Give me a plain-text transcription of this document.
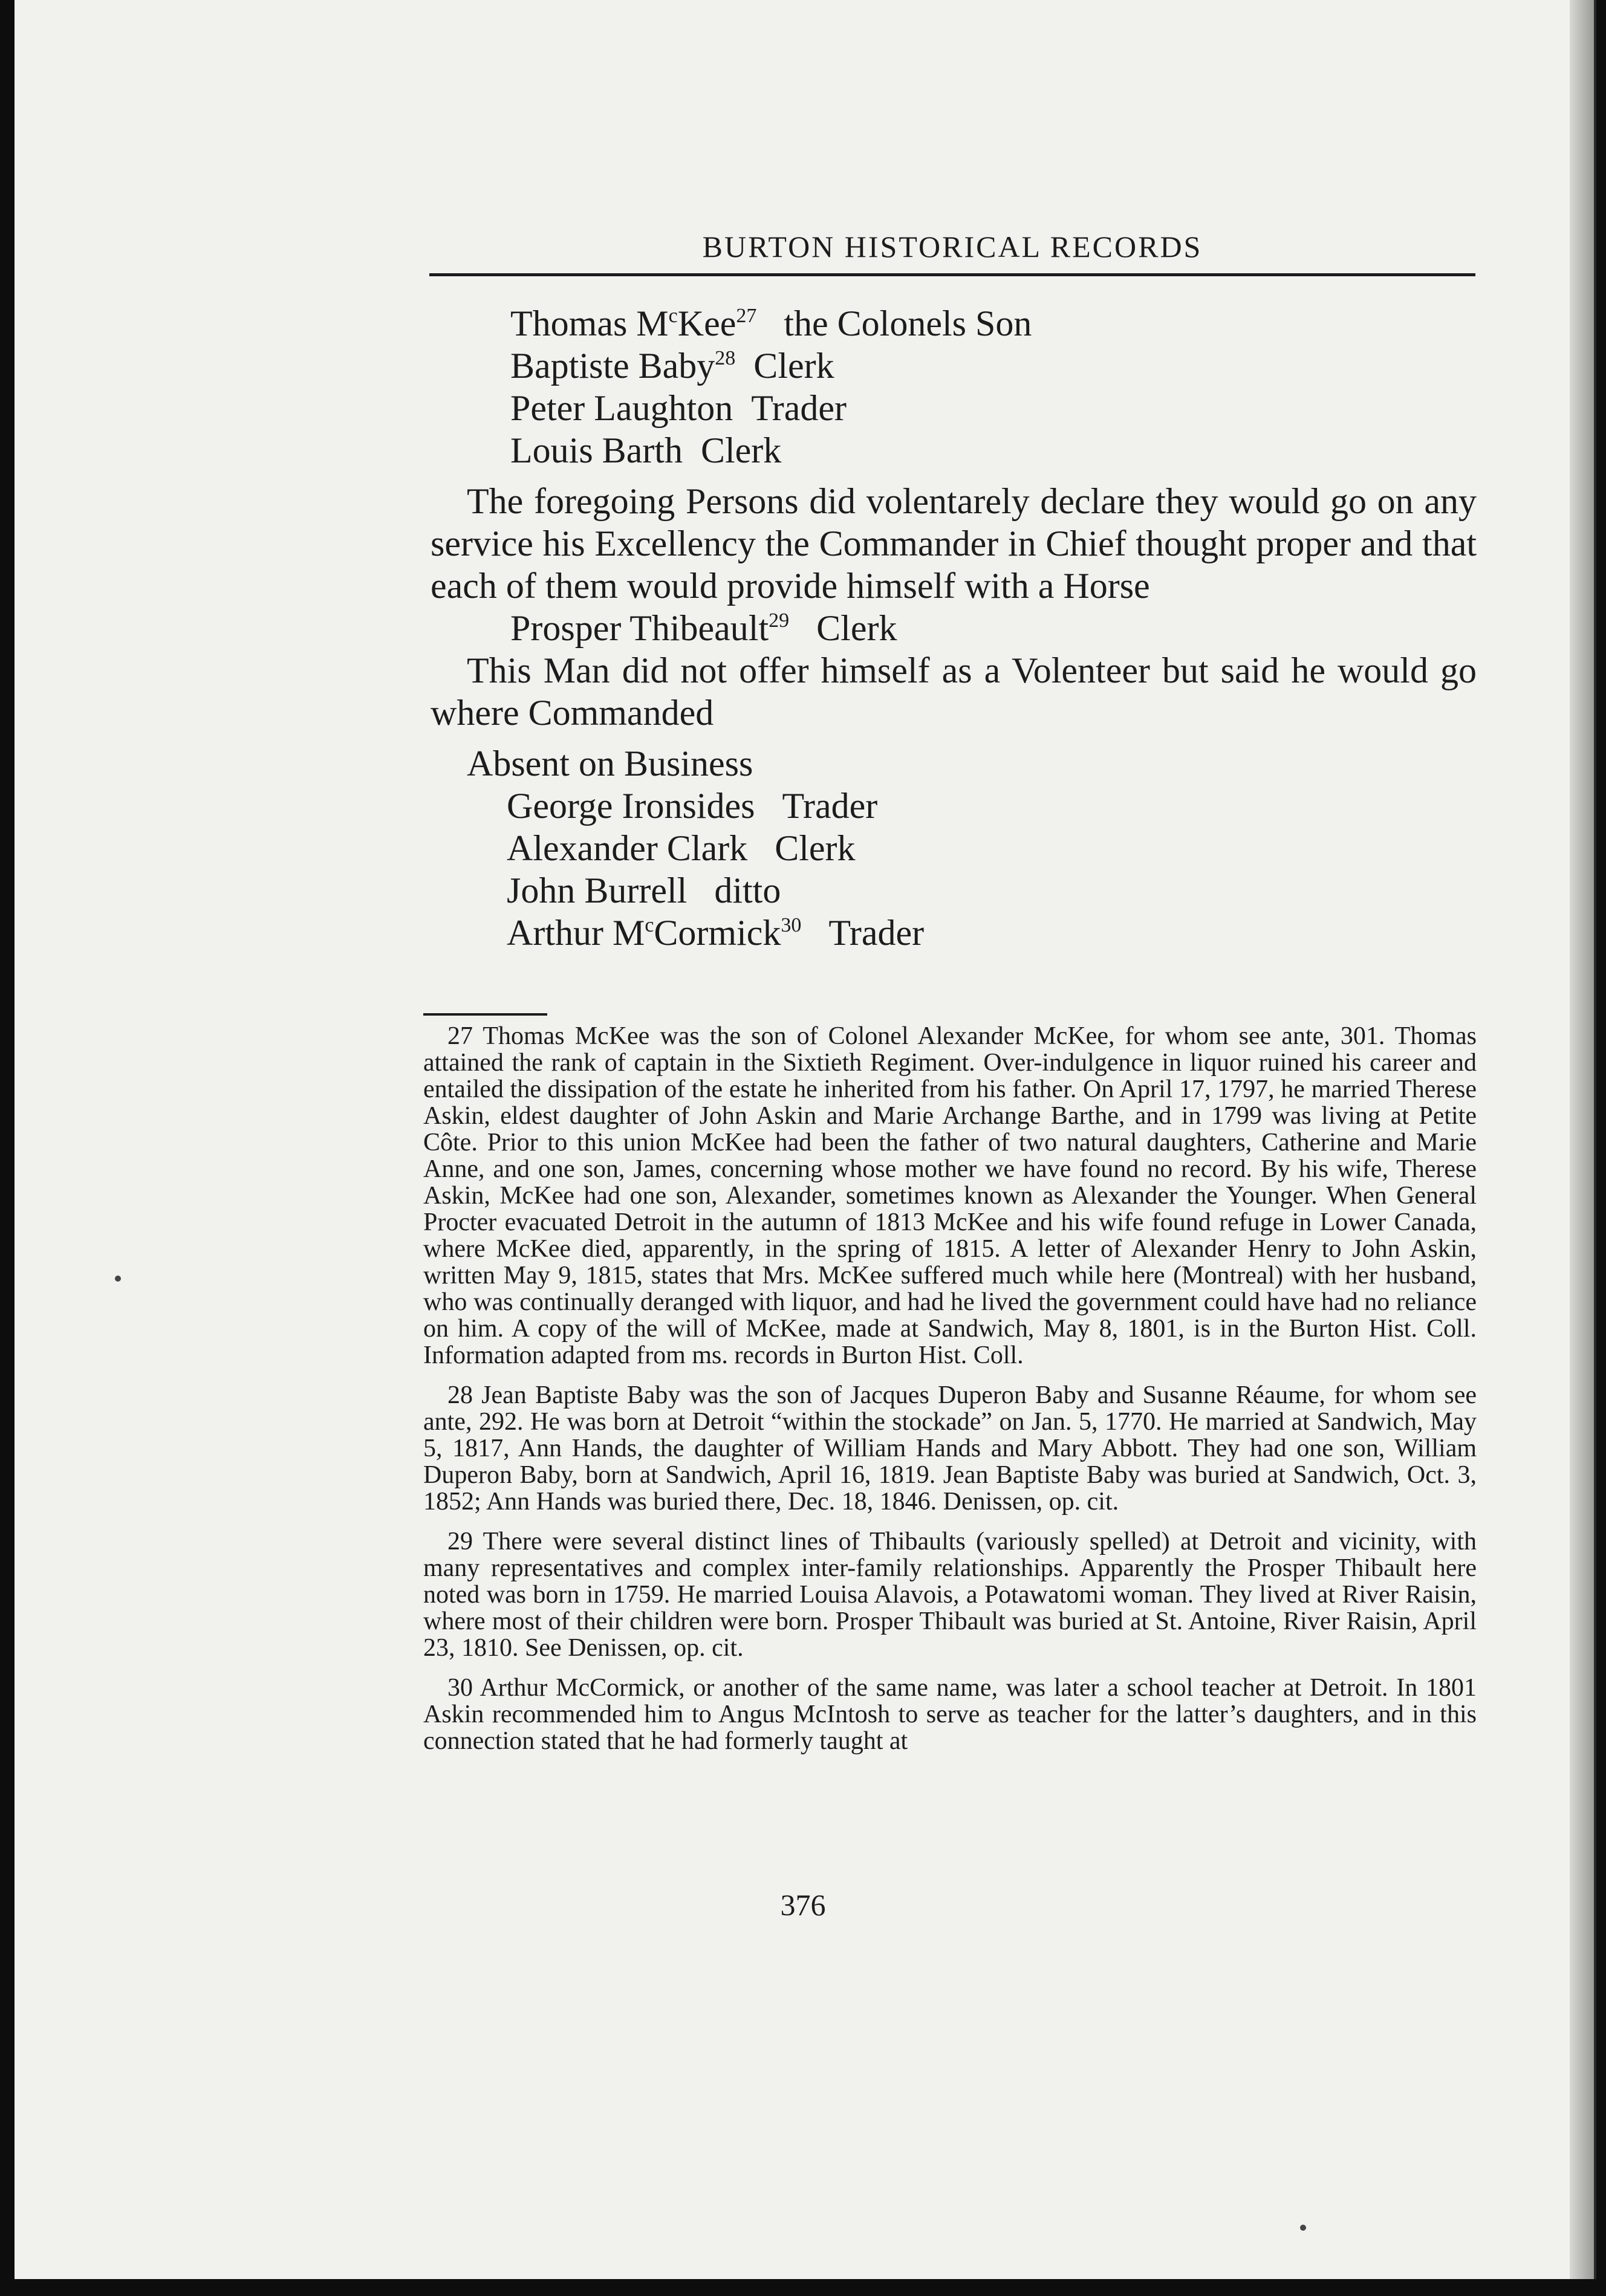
BURTON HISTORICAL RECORDS

Thomas $M^cKee^{27}$ the Colonels Son

Baptiste Baby$^{28}$ Clerk

Peter Laughton Trader

Louis Barth Clerk

The foregoing Persons did volentarely declare they would go on any service his Excellency the Commander in Chief thought proper and that each of them would provide himself with a Horse

Prosper Thibeault$^{29}$ Clerk

This Man did not offer himself as a Volenteer but said he would go where Commanded

Absent on Business

George Ironsides Trader

Alexander Clark Clerk

John Burrell ditto

Arthur $M^cCormick^{30}$ Trader

27 Thomas McKee was the son of Colonel Alexander McKee, for whom see ante, 301. Thomas attained the rank of captain in the Sixtieth Regiment. Over-indulgence in liquor ruined his career and entailed the dissipation of the estate he inherited from his father. On April 17, 1797, he married Therese Askin, eldest daughter of John Askin and Marie Archange Barthe, and in 1799 was living at Petite Côte. Prior to this union McKee had been the father of two natural daughters, Catherine and Marie Anne, and one son, James, concerning whose mother we have found no record. By his wife, Therese Askin, McKee had one son, Alexander, sometimes known as Alexander the Younger. When General Procter evacuated Detroit in the autumn of 1813 McKee and his wife found refuge in Lower Canada, where McKee died, apparently, in the spring of 1815. A letter of Alexander Henry to John Askin, written May 9, 1815, states that Mrs. McKee suffered much while here (Montreal) with her husband, who was continually deranged with liquor, and had he lived the government could have had no reliance on him. A copy of the will of McKee, made at Sandwich, May 8, 1801, is in the Burton Hist. Coll. Information adapted from ms. records in Burton Hist. Coll.

28 Jean Baptiste Baby was the son of Jacques Duperon Baby and Susanne Réaume, for whom see ante, 292. He was born at Detroit “within the stockade” on Jan. 5, 1770. He married at Sandwich, May 5, 1817, Ann Hands, the daughter of William Hands and Mary Abbott. They had one son, William Duperon Baby, born at Sandwich, April 16, 1819. Jean Baptiste Baby was buried at Sandwich, Oct. 3, 1852; Ann Hands was buried there, Dec. 18, 1846. Denissen, op. cit.

29 There were several distinct lines of Thibaults (variously spelled) at Detroit and vicinity, with many representatives and complex inter-family relationships. Apparently the Prosper Thibault here noted was born in 1759. He married Louisa Alavois, a Potawatomi woman. They lived at River Raisin, where most of their children were born. Prosper Thibault was buried at St. Antoine, River Raisin, April 23, 1810. See Denissen, op. cit.

30 Arthur McCormick, or another of the same name, was later a school teacher at Detroit. In 1801 Askin recommended him to Angus McIntosh to serve as teacher for the latter’s daughters, and in this connection stated that he had formerly taught at

376
